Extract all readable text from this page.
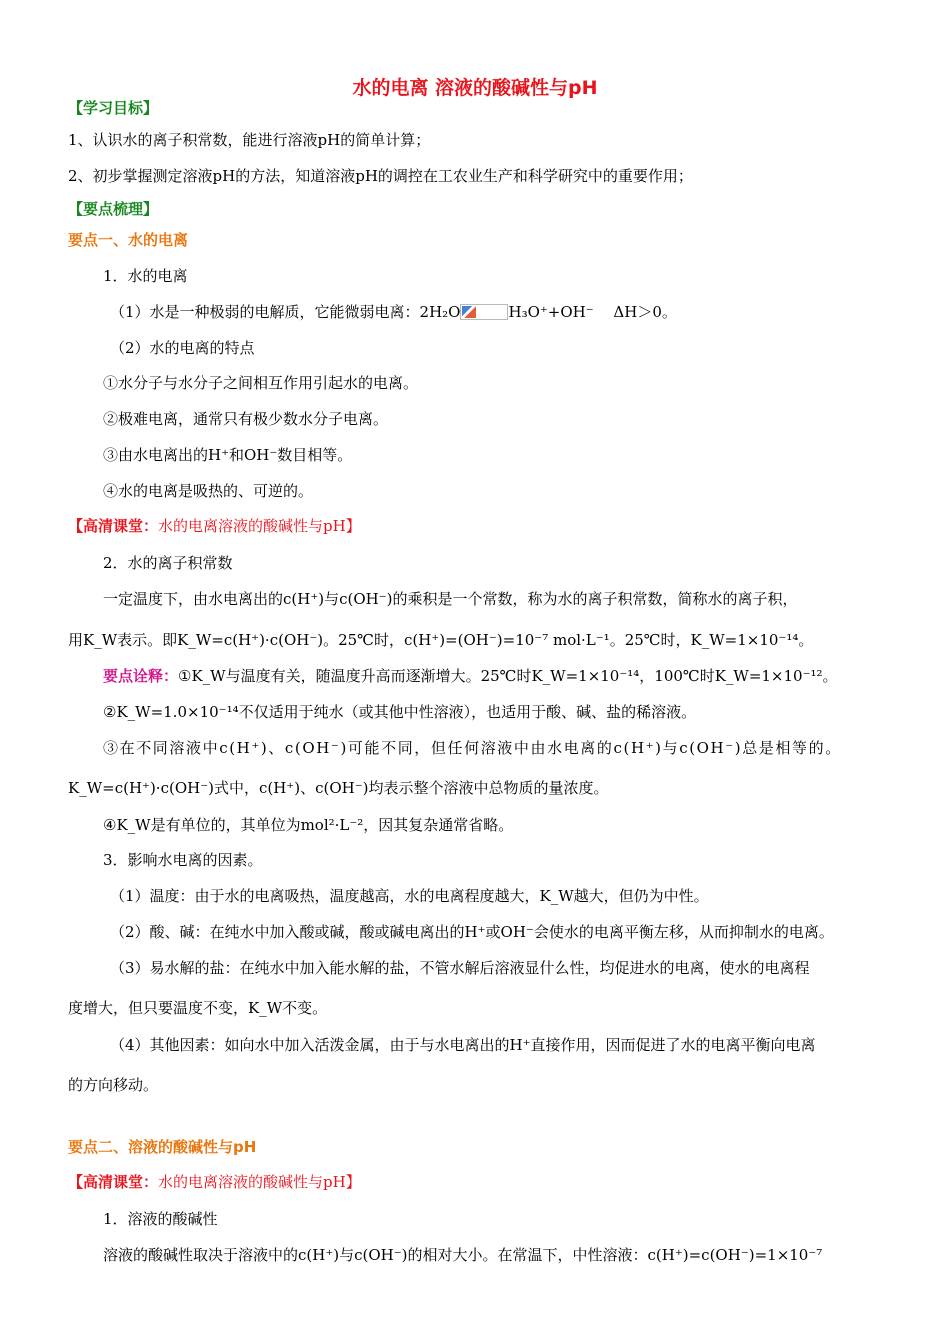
水的电离 溶液的酸碱性与pH
【学习目标】
1、认识水的离子积常数，能进行溶液pH的简单计算；
2、初步掌握测定溶液pH的方法，知道溶液pH的调控在工农业生产和科学研究中的重要作用；
【要点梳理】
要点一、水的电离
1．水的电离
（1）水是一种极弱的电解质，它能微弱电离：2H₂O	H₃O⁺+OH⁻　 ΔH＞0。
（2）水的电离的特点
①水分子与水分子之间相互作用引起水的电离。
②极难电离，通常只有极少数水分子电离。
③由水电离出的H⁺和OH⁻数目相等。
④水的电离是吸热的、可逆的。
【高清课堂：水的电离溶液的酸碱性与pH】
2．水的离子积常数
一定温度下，由水电离出的c(H⁺)与c(OH⁻)的乘积是一个常数，称为水的离子积常数，简称水的离子积，
用K_W表示。即K_W=c(H⁺)·c(OH⁻)。25℃时，c(H⁺)=(OH⁻)=10⁻⁷ mol·L⁻¹。25℃时，K_W=1×10⁻¹⁴。
要点诠释：①K_W与温度有关，随温度升高而逐渐增大。25℃时K_W=1×10⁻¹⁴，100℃时K_W=1×10⁻¹²。
②K_W=1.0×10⁻¹⁴不仅适用于纯水（或其他中性溶液），也适用于酸、碱、盐的稀溶液。
③在不同溶液中c(H⁺)、c(OH⁻)可能不同，但任何溶液中由水电离的c(H⁺)与c(OH⁻)总是相等的。
K_W=c(H⁺)·c(OH⁻)式中，c(H⁺)、c(OH⁻)均表示整个溶液中总物质的量浓度。
④K_W是有单位的，其单位为mol²·L⁻²，因其复杂通常省略。
3．影响水电离的因素。
（1）温度：由于水的电离吸热，温度越高，水的电离程度越大，K_W越大，但仍为中性。
（2）酸、碱：在纯水中加入酸或碱，酸或碱电离出的H⁺或OH⁻会使水的电离平衡左移，从而抑制水的电离。
（3）易水解的盐：在纯水中加入能水解的盐，不管水解后溶液显什么性，均促进水的电离，使水的电离程
度增大，但只要温度不变，K_W不变。
（4）其他因素：如向水中加入活泼金属，由于与水电离出的H⁺直接作用，因而促进了水的电离平衡向电离
的方向移动。
要点二、溶液的酸碱性与pH
【高清课堂：水的电离溶液的酸碱性与pH】
1．溶液的酸碱性
溶液的酸碱性取决于溶液中的c(H⁺)与c(OH⁻)的相对大小。在常温下，中性溶液：c(H⁺)=c(OH⁻)=1×10⁻⁷
